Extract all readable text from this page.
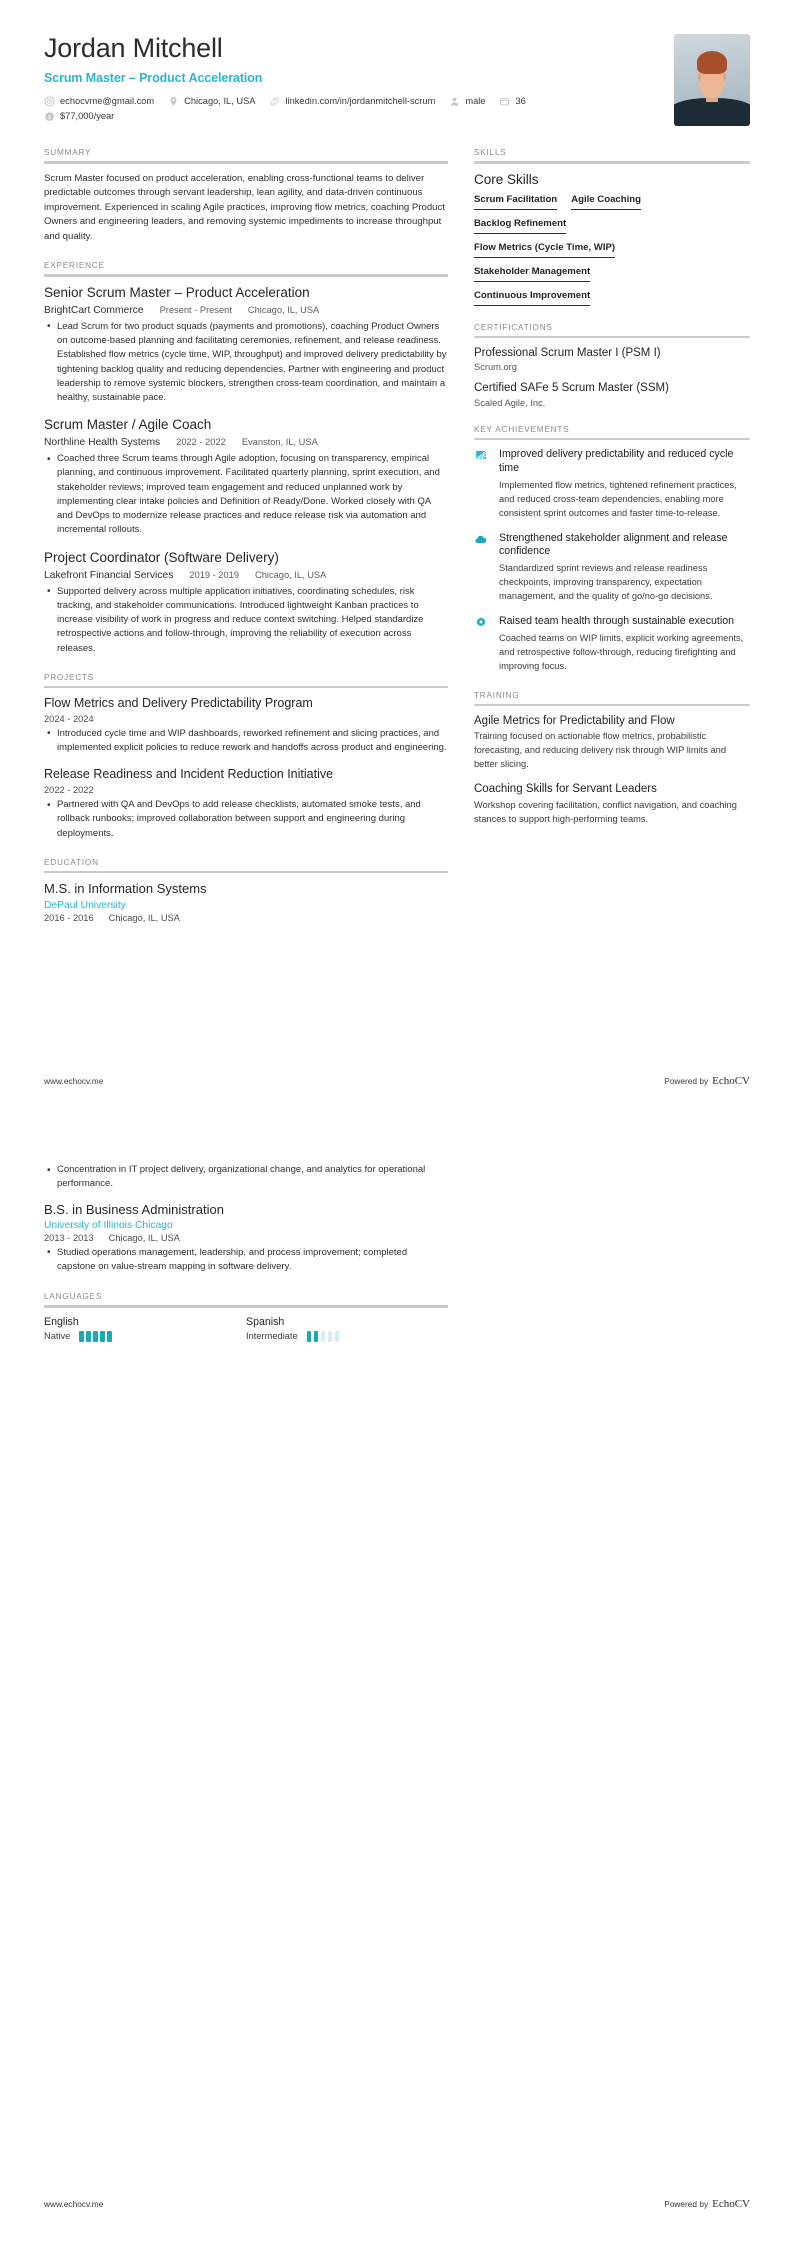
Jordan Mitchell
Scrum Master – Product Acceleration
echocvme@gmail.com	Chicago, IL, USA	linkedin.com/in/jordanmitchell-scrum	male	36
$ $77,000/year
SUMMARY
Scrum Master focused on product acceleration, enabling cross-functional teams to deliver predictable outcomes through servant leadership, lean agility, and data-driven continuous improvement. Experienced in scaling Agile practices, improving flow metrics, coaching Product Owners and engineering leaders, and removing systemic impediments to increase throughput and quality.
EXPERIENCE
Senior Scrum Master – Product Acceleration
BrightCart Commerce Present - Present Chicago, IL, USA
• Lead Scrum for two product squads (payments and promotions), coaching Product Owners on outcome-based planning and facilitating ceremonies, refinement, and release readiness. Established flow metrics (cycle time, WIP, throughput) and improved delivery predictability by tightening backlog quality and reducing dependencies. Partner with engineering and product leadership to remove systemic blockers, strengthen cross-team coordination, and maintain a healthy, sustainable pace.
Scrum Master / Agile Coach
Northline Health Systems 2022 - 2022 Evanston, IL, USA
• Coached three Scrum teams through Agile adoption, focusing on transparency, empirical planning, and continuous improvement. Facilitated quarterly planning, sprint execution, and stakeholder reviews; improved team engagement and reduced unplanned work by implementing clear intake policies and Definition of Ready/Done. Worked closely with QA and DevOps to modernize release practices and reduce release risk via automation and incremental rollouts.
Project Coordinator (Software Delivery)
Lakefront Financial Services 2019 - 2019 Chicago, IL, USA
• Supported delivery across multiple application initiatives, coordinating schedules, risk tracking, and stakeholder communications. Introduced lightweight Kanban practices to increase visibility of work in progress and reduce context switching. Helped standardize retrospective actions and follow-through, improving the reliability of execution across releases.
PROJECTS
Flow Metrics and Delivery Predictability Program
2024 - 2024
• Introduced cycle time and WIP dashboards, reworked refinement and slicing practices, and implemented explicit policies to reduce rework and handoffs across product and engineering.
Release Readiness and Incident Reduction Initiative
2022 - 2022
• Partnered with QA and DevOps to add release checklists, automated smoke tests, and rollback runbooks; improved collaboration between support and engineering during deployments.
EDUCATION
M.S. in Information Systems
DePaul University
2016 - 2016 Chicago, IL, USA
SKILLS
Core Skills
Scrum Facilitation Agile Coaching
Backlog Refinement
Flow Metrics (Cycle Time, WIP)
Stakeholder Management
Continuous Improvement
CERTIFICATIONS
Professional Scrum Master I (PSM I)
Scrum.org
Certified SAFe 5 Scrum Master (SSM)
Scaled Agile, Inc.
KEY ACHIEVEMENTS
Improved delivery predictability and reduced cycle time
Implemented flow metrics, tightened refinement practices, and reduced cross-team dependencies, enabling more consistent sprint outcomes and faster time-to-release.
Strengthened stakeholder alignment and release confidence
Standardized sprint reviews and release readiness checkpoints, improving transparency, expectation management, and the quality of go/no-go decisions.
Raised team health through sustainable execution
Coached teams on WIP limits, explicit working agreements, and retrospective follow-through, reducing firefighting and improving focus.
TRAINING
Agile Metrics for Predictability and Flow
Training focused on actionable flow metrics, probabilistic forecasting, and reducing delivery risk through WIP limits and better slicing.
Coaching Skills for Servant Leaders
Workshop covering facilitation, conflict navigation, and coaching stances to support high-performing teams.
www.echocv.me	Powered by EchoCV
• Concentration in IT project delivery, organizational change, and analytics for operational performance.
B.S. in Business Administration
University of Illinois Chicago
2013 - 2013 Chicago, IL, USA
• Studied operations management, leadership, and process improvement; completed capstone on value-stream mapping in software delivery.
LANGUAGES
English
Native
Spanish
Intermediate
www.echocv.me	Powered by EchoCV
